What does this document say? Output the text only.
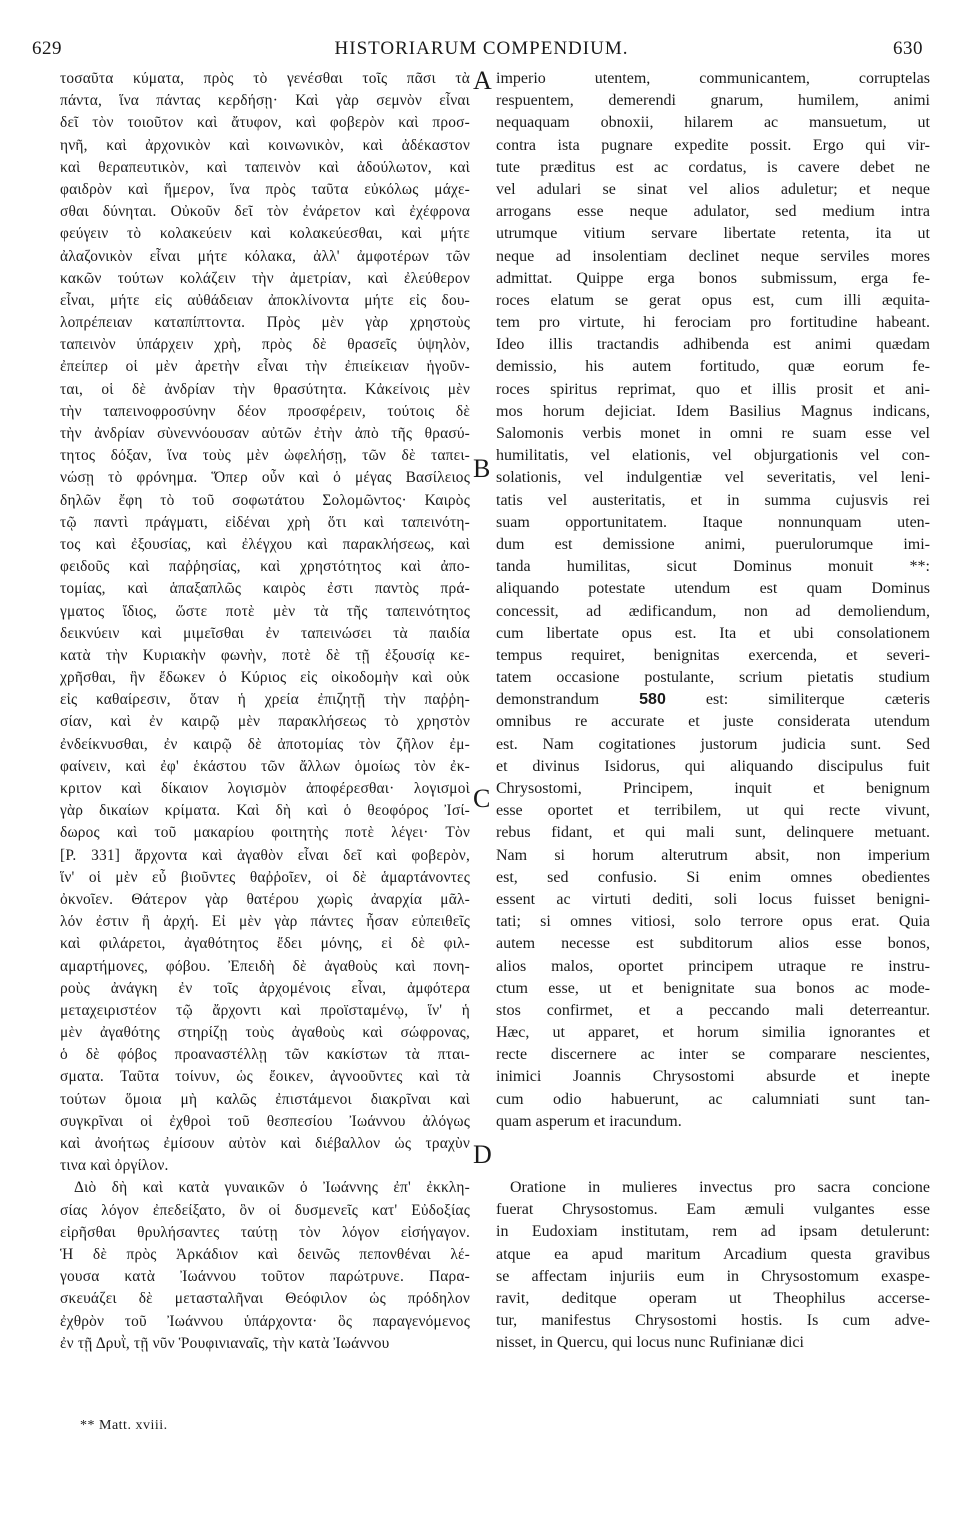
629	HISTORIARUM COMPENDIUM.	630
A
B
C
D
τοσαῦτα κύματα, πρὸς τὸ γενέσθαι τοῖς πᾶσι τὰ
πάντα, ἵνα πάντας κερδήσῃ· Καὶ γὰρ σεμνὸν εἶναι
δεῖ τὸν τοιοῦτον καὶ ἄτυφον, καὶ φοβερὸν καὶ προσ-
ηνῆ, καὶ ἀρχονικὸν καὶ κοινωνικὸν, καὶ ἀδέκαστον
καὶ θεραπευτικὸν, καὶ ταπεινὸν καὶ ἀδούλωτον, καὶ
φαιδρὸν καὶ ἥμερον, ἵνα πρὸς ταῦτα εὐκόλως μάχε-
σθαι δύνηται. Οὐκοῦν δεῖ τὸν ἐνάρετον καὶ ἐχέφρονα
φεύγειν τὸ κολακεύειν καὶ κολακεύεσθαι, καὶ μήτε
ἀλαζονικὸν εἶναι μήτε κόλακα, ἀλλ' ἀμφοτέρων τῶν
κακῶν τούτων κολάζειν τὴν ἀμετρίαν, καὶ ἐλεύθερον
εἶναι, μήτε εἰς αὐθάδειαν ἀποκλίνοντα μήτε εἰς δου-
λοπρέπειαν καταπίπτοντα. Πρὸς μὲν γὰρ χρηστοὺς
ταπεινὸν ὑπάρχειν χρὴ, πρὸς δὲ θρασεῖς ὑψηλὸν,
ἐπείπερ οἱ μὲν ἀρετὴν εἶναι τὴν ἐπιείκειαν ἡγοῦν-
ται, οἱ δὲ ἀνδρίαν τὴν θρασύτητα. Κἀκείνοις μὲν
τὴν ταπεινοφροσύνην δέον προσφέρειν, τούτοις δὲ
τὴν ἀνδρίαν σὺνεννόουσαν αὐτῶν ἐτὴν ἀπὸ τῆς θρασύ-
τητος δόξαν, ἵνα τοὺς μὲν ὠφελήσῃ, τῶν δὲ ταπει-
νώσῃ τὸ φρόνημα. Ὅπερ οὖν καὶ ὁ μέγας Βασίλειος
δηλῶν ἔφη τὸ τοῦ σοφωτάτου Σολομῶντος· Καιρὸς
τῷ παντὶ πράγματι, εἰδέναι χρὴ ὅτι καὶ ταπεινότη-
τος καὶ ἐξουσίας, καὶ ἐλέγχου καὶ παρακλήσεως, καὶ
φειδοῦς καὶ παῤῥησίας, καὶ χρηστότητος καὶ ἀπο-
τομίας, καὶ ἁπαξαπλῶς καιρὸς ἐστι παντὸς πρά-
γματος ἴδιος, ὥστε ποτὲ μὲν τὰ τῆς ταπεινότητος
δεικνύειν καὶ μιμεῖσθαι ἐν ταπεινώσει τὰ παιδία
κατὰ τὴν Κυριακὴν φωνὴν, ποτὲ δὲ τῇ ἐξουσίᾳ κε-
χρῆσθαι, ἣν ἔδωκεν ὁ Κύριος εἰς οἰκοδομὴν καὶ οὐκ
εἰς καθαίρεσιν, ὅταν ἡ χρεία ἐπιζητῇ τὴν παῤῥη-
σίαν, καὶ ἐν καιρῷ μὲν παρακλήσεως τὸ χρηστὸν
ἐνδείκνυσθαι, ἐν καιρῷ δὲ ἀποτομίας τὸν ζῆλον ἐμ-
φαίνειν, καὶ ἐφ' ἑκάστου τῶν ἄλλων ὁμοίως τὸν ἐκ-
κριτον καὶ δίκαιον λογισμὸν ἀποφέρεσθαι· λογισμοὶ
γὰρ δικαίων κρίματα. Καὶ δὴ καὶ ὁ θεοφόρος Ἰσί-
δωρος καὶ τοῦ μακαρίου φοιτητὴς ποτὲ λέγει· Τὸν
[P. 331] ἄρχοντα καὶ ἀγαθὸν εἶναι δεῖ καὶ φοβερὸν,
ἵν' οἱ μὲν εὖ βιοῦντες θαῤῥοῖεν, οἱ δὲ ἁμαρτάνοντες
ὀκνοῖεν. Θάτερον γὰρ θατέρου χωρὶς ἀναρχία μᾶλ-
λόν ἐστιν ἢ ἀρχή. Εἰ μὲν γὰρ πάντες ἦσαν εὐπειθεῖς
καὶ φιλάρετοι, ἀγαθότητος ἔδει μόνης, εἰ δὲ φιλ-
αμαρτήμονες, φόβου. Ἐπειδὴ δὲ ἀγαθοὺς καὶ πονη-
ροὺς ἀνάγκη ἐν τοῖς ἀρχομένοις εἶναι, ἀμφότερα
μεταχειριστέον τῷ ἄρχοντι καὶ προϊσταμένῳ, ἵν' ἡ
μὲν ἀγαθότης στηρίζῃ τοὺς ἀγαθοὺς καὶ σώφρονας,
ὁ δὲ φόβος προαναστέλλῃ τῶν κακίστων τὰ πται-
σματα. Ταῦτα τοίνυν, ὡς ἔοικεν, ἀγνοοῦντες καὶ τὰ
τούτων ὅμοια μὴ καλῶς ἐπιστάμενοι διακρῖναι καὶ
συγκρῖναι οἱ ἐχθροὶ τοῦ θεσπεσίου Ἰωάννου ἀλόγως
καὶ ἀνοήτως ἐμίσουν αὐτὸν καὶ διέβαλλον ὡς τραχὺν
τινα καὶ ὀργίλον.
Διὸ δὴ καὶ κατὰ γυναικῶν ὁ Ἰωάννης ἐπ' ἐκκλη-
σίας λόγον ἐπεδείξατο, ὃν οἱ δυσμενεῖς κατ' Εὐδοξίας
εἰρῆσθαι θρυλήσαντες ταύτῃ τὸν λόγον εἰσήγαγον.
Ἡ δὲ πρὸς Ἀρκάδιον καὶ δεινῶς πεπονθέναι λέ-
γουσα κατὰ Ἰωάννου τοῦτον παρώτρυνε. Παρα-
σκευάζει δὲ μετασταλῆναι Θεόφιλον ὡς πρόδηλον
ἐχθρὸν τοῦ Ἰωάννου ὑπάρχοντα· ὃς παραγενόμενος
ἐν τῇ Δρυῒ, τῇ νῦν Ῥουφινιαναῖς, τὴν κατὰ Ἰωάννου
imperio utentem, communicantem, corruptelas
respuentem, demerendi gnarum, humilem, animi
nequaquam obnoxii, hilarem ac mansuetum, ut
contra ista pugnare expedite possit. Ergo qui vir-
tute præditus est ac cordatus, is cavere debet ne
vel adulari se sinat vel alios aduletur; et neque
arrogans esse neque adulator, sed medium intra
utrumque vitium servare libertate retenta, ita ut
neque ad insolentiam declinet neque serviles mores
admittat. Quippe erga bonos submissum, erga fe-
roces elatum se gerat opus est, cum illi æquita-
tem pro virtute, hi ferociam pro fortitudine habeant.
Ideo illis tractandis adhibenda est animi quædam
demissio, his autem fortitudo, quæ eorum fe-
roces spiritus reprimat, quo et illis prosit et ani-
mos horum dejiciat. Idem Basilius Magnus indicans,
Salomonis verbis monet in omni re suam esse vel
humilitatis, vel elationis, vel objurgationis vel con-
solationis, vel indulgentiæ vel severitatis, vel leni-
tatis vel austeritatis, et in summa cujusvis rei
suam opportunitatem. Itaque nonnunquam uten-
dum est demissione animi, puerulorumque imi-
tanda humilitas, sicut Dominus monuit **:
aliquando potestate utendum est quam Dominus
concessit, ad ædificandum, non ad demoliendum,
cum libertate opus est. Ita et ubi consolationem
tempus requiret, benignitas exercenda, et severi-
tatem occasione postulante, scrium pietatis studium
demonstrandum	580	est: similiterque cæteris
omnibus re accurate et juste considerata utendum
est. Nam cogitationes justorum judicia sunt. Sed
et divinus Isidorus, qui aliquando discipulus fuit
Chrysostomi, Principem, inquit et benignum
esse oportet et terribilem, ut qui recte vivunt,
rebus fidant, et qui mali sunt, delinquere metuant.
Nam si horum alterutrum absit, non imperium
est, sed confusio. Si enim omnes obedientes
essent ac virtuti dediti, soli locus fuisset benigni-
tati; si omnes vitiosi, solo terrore opus erat. Quia
autem necesse est subditorum alios esse bonos,
alios malos, oportet principem utraque re instru-
ctum esse, ut et benignitate sua bonos ac mode-
stos confirmet, et a peccando mali deterreantur.
Hæc, ut apparet, et horum similia ignorantes et
recte discernere ac inter se comparare nescientes,
inimici Joannis Chrysostomi absurde et inepte
cum odio habuerunt, ac calumniati sunt tan-
quam asperum et iracundum.
Oratione in mulieres invectus pro sacra concione
fuerat Chrysostomus. Eam æmuli vulgantes esse
in Eudoxiam institutam, rem ad ipsam detulerunt:
atque ea apud maritum Arcadium questa gravibus
se affectam injuriis eum in Chrysostomum exaspe-
ravit, deditque operam ut Theophilus accerse-
tur, manifestus Chrysostomi hostis. Is cum adve-
nisset, in Quercu, qui locus nunc Rufinianæ dici
** Matt. xviii.
